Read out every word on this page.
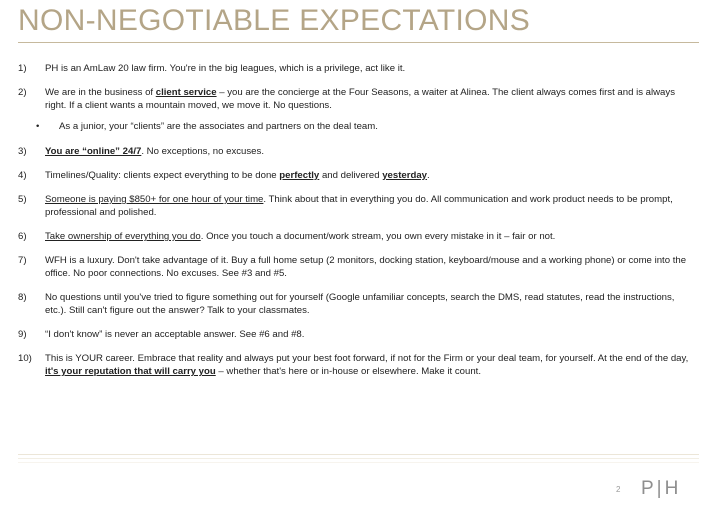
NON-NEGOTIABLE EXPECTATIONS
1)	PH is an AmLaw 20 law firm. You're in the big leagues, which is a privilege, act like it.
2)	We are in the business of client service – you are the concierge at the Four Seasons, a waiter at Alinea. The client always comes first and is always right. If a client wants a mountain moved, we move it. No questions.
• As a junior, your “clients” are the associates and partners on the deal team.
3)	You are “online” 24/7. No exceptions, no excuses.
4)	Timelines/Quality: clients expect everything to be done perfectly and delivered yesterday.
5)	Someone is paying $850+ for one hour of your time. Think about that in everything you do. All communication and work product needs to be prompt, professional and polished.
6)	Take ownership of everything you do. Once you touch a document/work stream, you own every mistake in it – fair or not.
7)	WFH is a luxury. Don't take advantage of it. Buy a full home setup (2 monitors, docking station, keyboard/mouse and a working phone) or come into the office. No poor connections. No excuses. See #3 and #5.
8)	No questions until you've tried to figure something out for yourself (Google unfamiliar concepts, search the DMS, read statutes, read the instructions, etc.). Still can't figure out the answer? Talk to your classmates.
9)	“I don't know” is never an acceptable answer. See #6 and #8.
10)	This is YOUR career. Embrace that reality and always put your best foot forward, if not for the Firm or your deal team, for yourself. At the end of the day, it's your reputation that will carry you – whether that's here or in-house or elsewhere. Make it count.
2 P|H
